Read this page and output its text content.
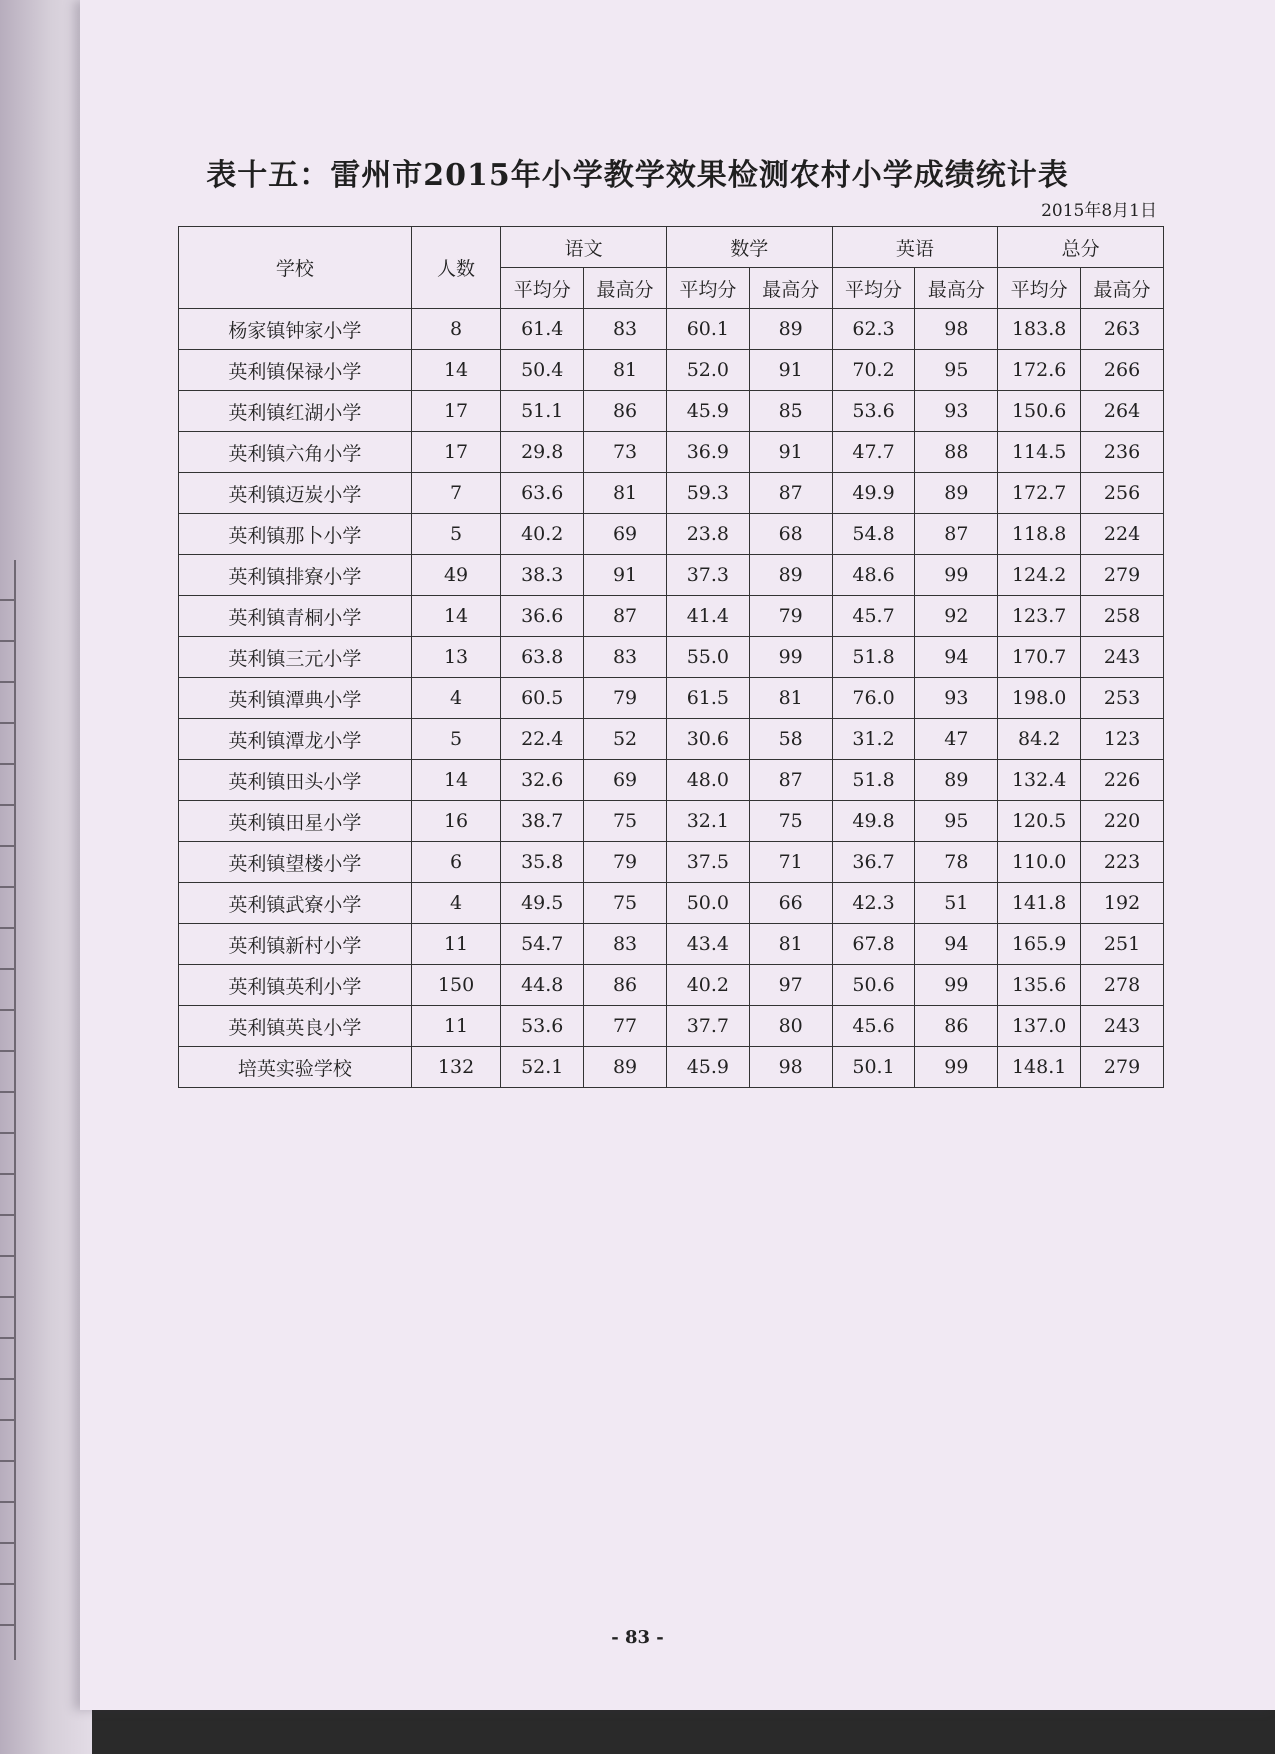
表十五：雷州市2015年小学教学效果检测农村小学成绩统计表
2015年8月1日
学校	人数	语文		数学		英语		总分	
		平均分	最高分	平均分	最高分	平均分	最高分	平均分	最高分
杨家镇钟家小学	8	61.4	83	60.1	89	62.3	98	183.8	263
英利镇保禄小学	14	50.4	81	52.0	91	70.2	95	172.6	266
英利镇红湖小学	17	51.1	86	45.9	85	53.6	93	150.6	264
英利镇六角小学	17	29.8	73	36.9	91	47.7	88	114.5	236
英利镇迈炭小学	7	63.6	81	59.3	87	49.9	89	172.7	256
英利镇那卜小学	5	40.2	69	23.8	68	54.8	87	118.8	224
英利镇排寮小学	49	38.3	91	37.3	89	48.6	99	124.2	279
英利镇青桐小学	14	36.6	87	41.4	79	45.7	92	123.7	258
英利镇三元小学	13	63.8	83	55.0	99	51.8	94	170.7	243
英利镇潭典小学	4	60.5	79	61.5	81	76.0	93	198.0	253
英利镇潭龙小学	5	22.4	52	30.6	58	31.2	47	84.2	123
英利镇田头小学	14	32.6	69	48.0	87	51.8	89	132.4	226
英利镇田星小学	16	38.7	75	32.1	75	49.8	95	120.5	220
英利镇望楼小学	6	35.8	79	37.5	71	36.7	78	110.0	223
英利镇武寮小学	4	49.5	75	50.0	66	42.3	51	141.8	192
英利镇新村小学	11	54.7	83	43.4	81	67.8	94	165.9	251
英利镇英利小学	150	44.8	86	40.2	97	50.6	99	135.6	278
英利镇英良小学	11	53.6	77	37.7	80	45.6	86	137.0	243
培英实验学校	132	52.1	89	45.9	98	50.1	99	148.1	279
- 83 -
